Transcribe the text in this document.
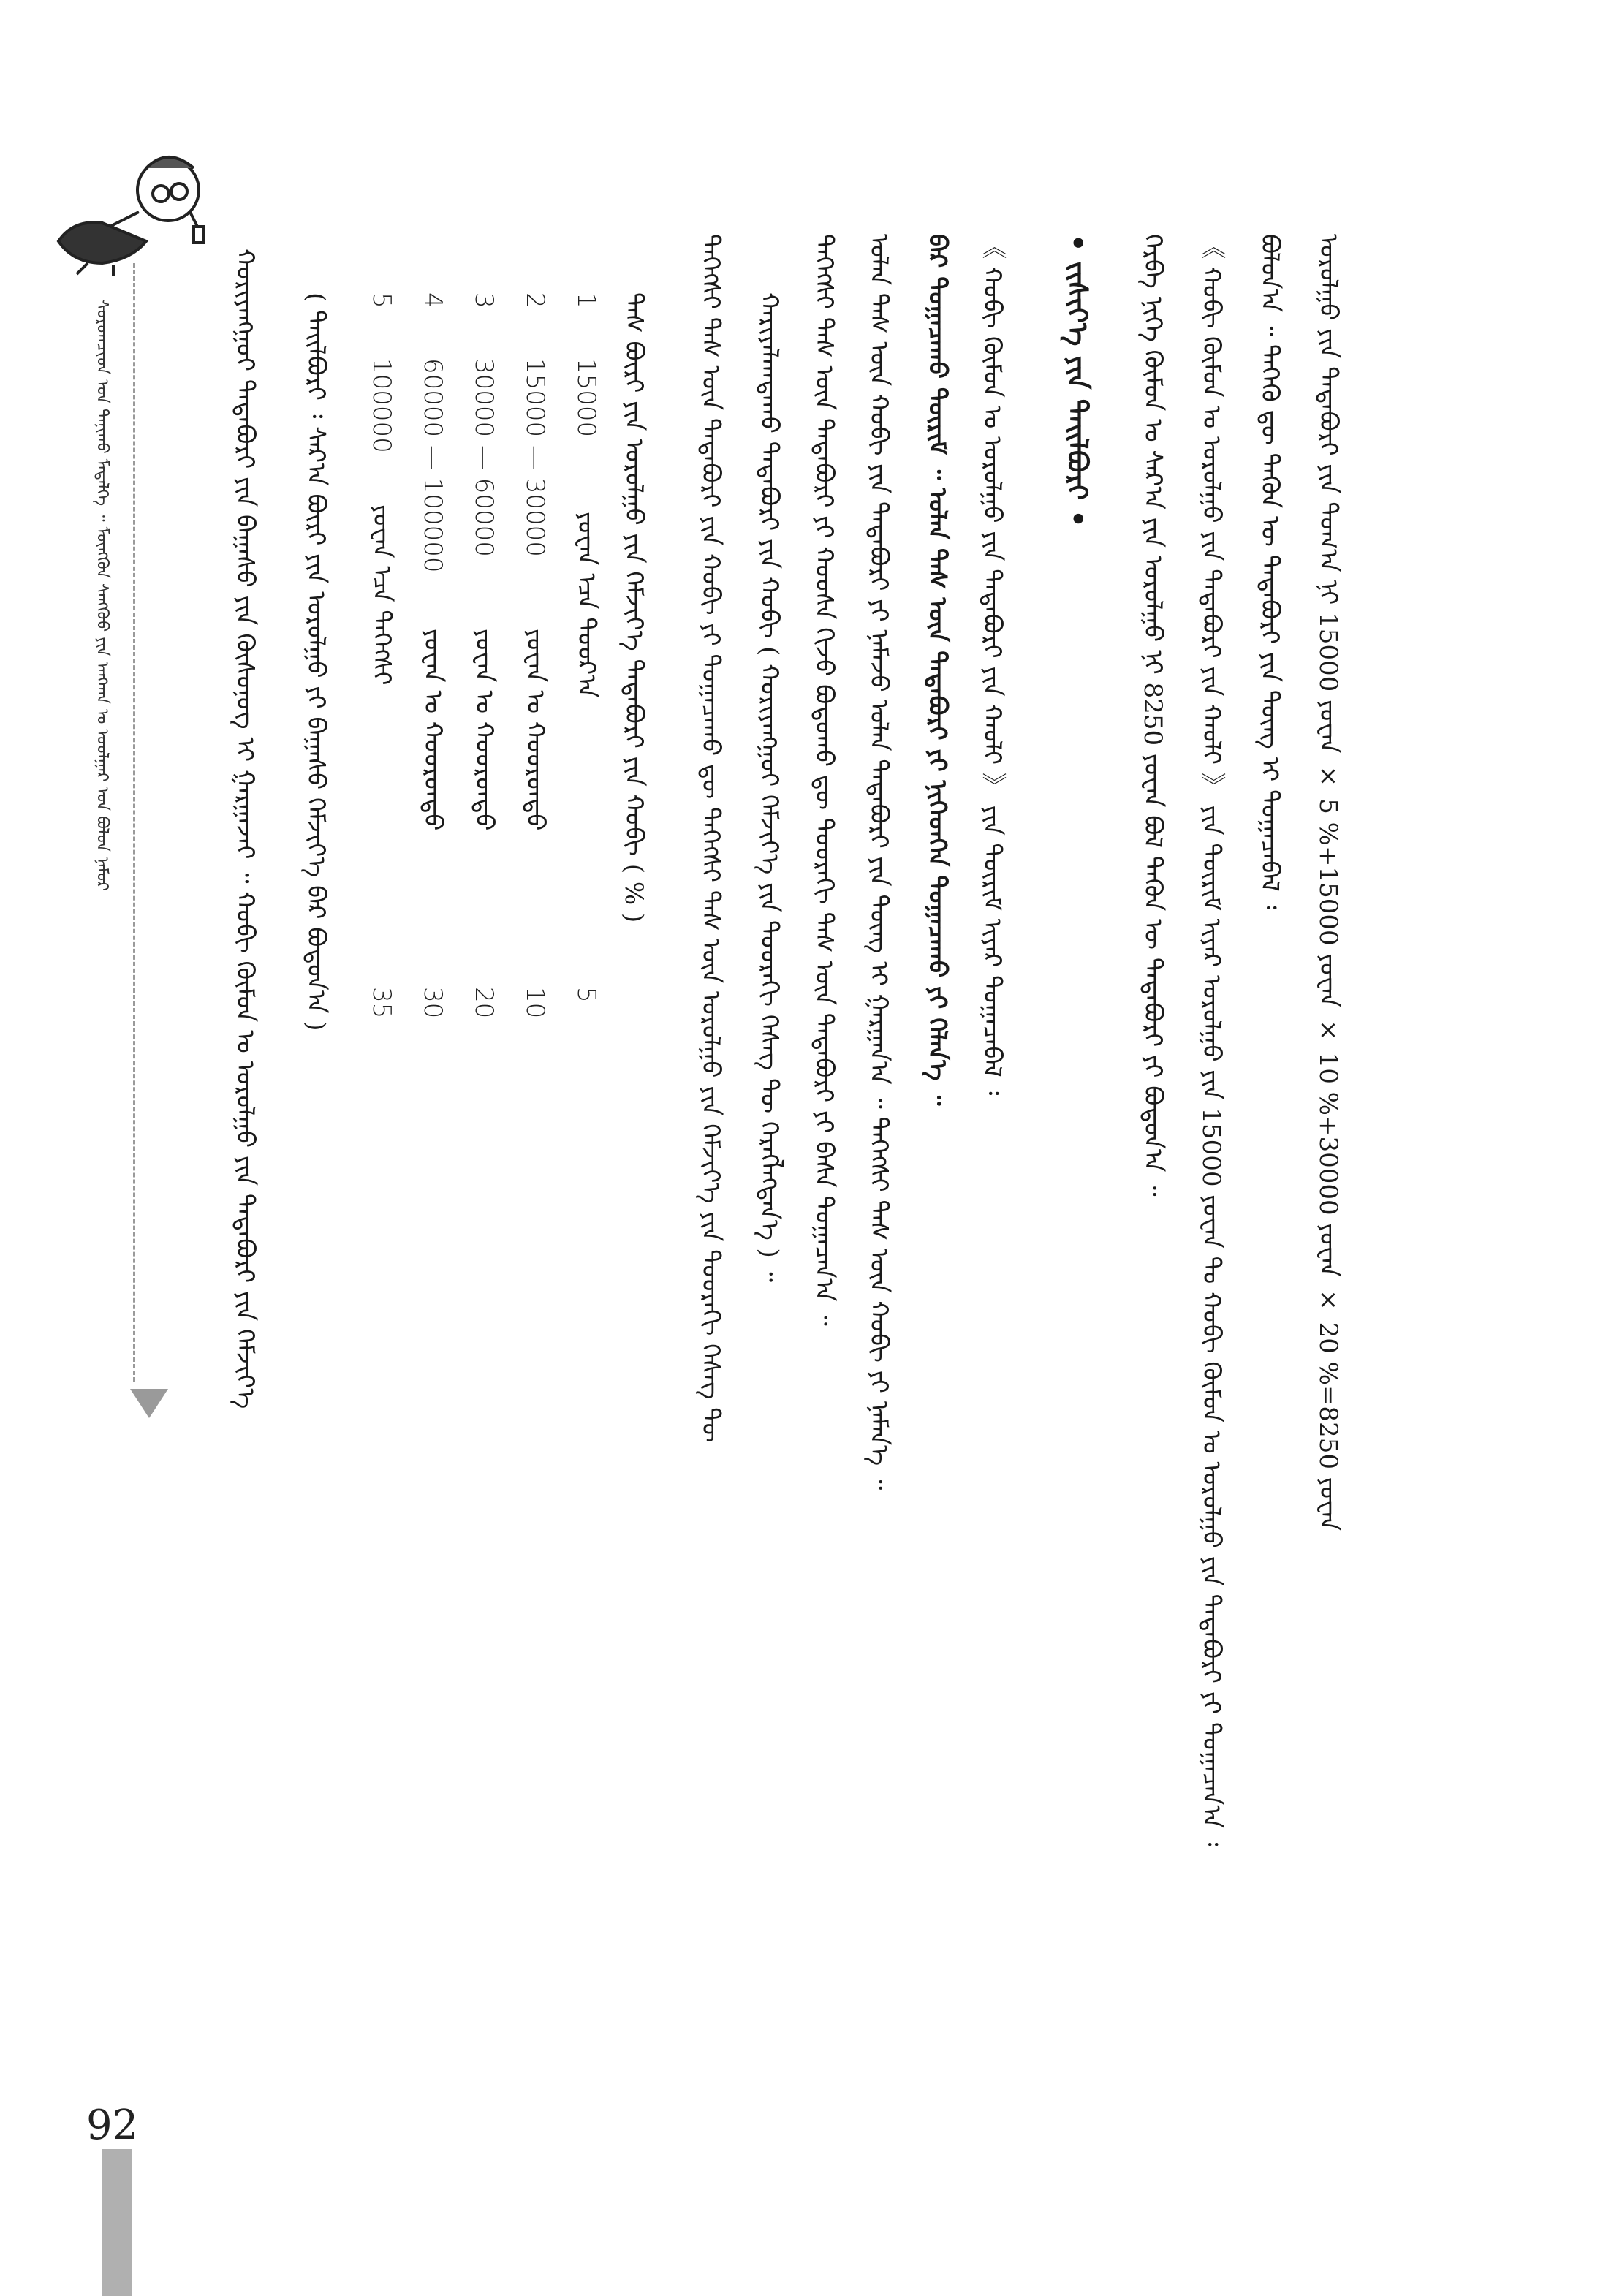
ᠰᠤᠷᠤᠭᠴᠢᠳ ᠤᠨ ᠲᠠᠨᠢᠬᠤ ᠮᠡᠳᠡᠯᠭᠡ ᠃ ᠮᠦᠩᠭᠦᠨ ᠰᠠᠩᠬᠦᠦ ᠶᠢᠨ ᠠᠩᠬᠠᠨ ᠤ ᠤᠤᠯᠭᠠᠷ ᠤᠨ ᠪᠤᠯᠤᠨ ᠨᠠᠮᠤᠷ	ᠬᠤᠷᠢᠶᠠᠩᠭᠤᠢ ᠲᠠᠲᠠᠪᠤᠷᠢ ᠶᠢᠨ ᠪᠠᠭᠠᠰᠤ ᠶᠢᠨ ᠬᠦᠰᠦᠨᠦᠭ ᠢ ᠭᠠᠷᠭᠠᠵᠠᠢ ᠃ ᠬᠤᠪᠢ ᠬᠦᠮᠦᠨ ᠤ ᠣᠷᠣᠯᠭᠤ ᠶᠢᠨ ᠲᠠᠲᠠᠪᠤᠷᠢ ᠶᠢᠨ ᠬᠡᠮᠵᠢᠶ᠎ᠡ ( ᠲᠠᠢᠯᠪᠤᠷᠢ ᠄ ᠰᠠᠷ᠎ᠠ ᠪᠦᠷᠢ ᠶᠢᠨ ᠣᠷᠣᠯᠭᠤ ᠶᠢ ᠪᠠᠭᠠᠰᠤ ᠬᠡᠮᠵᠢᠶ᠎ᠡ ᠪᠡᠷ ᠪᠣᠳᠣᠨ᠎ᠠ ) 5
100000
ᠶᠤᠸᠠᠨ ᠡᠴᠡ ᠳᠡᠭᠡᠭᠰᠢ
35
4
60000 — 100000
ᠶᠤᠸᠠᠨ ᠤ ᠬᠣᠣᠷᠣᠨᠳᠣ
30
3
30000 — 60000
ᠶᠤᠸᠠᠨ ᠤ ᠬᠣᠣᠷᠣᠨᠳᠣ
20
2
15000 — 30000
ᠶᠤᠸᠠᠨ ᠤ ᠬᠣᠣᠷᠣᠨᠳᠣ
10
1
15000
ᠶᠤᠸᠠᠨ ᠡᠴᠡ ᠳᠣᠣᠷ᠎ᠠ
5
ᠳᠡᠰ ᠪᠦᠷᠢ ᠶᠢᠨ ᠣᠷᠣᠯᠭᠤ ᠶᠢᠨ ᠬᠡᠮᠵᠢᠶ᠎ᠡ ᠲᠠᠲᠠᠪᠤᠷᠢ ᠶᠢᠨ ᠬᠤᠪᠢ ( % ) ᠲᠡᠭᠡᠭᠰᠢ ᠳᠡᠰ ᠦᠨ ᠲᠠᠲᠠᠪᠤᠷᠢ ᠶᠢᠨ ᠬᠤᠪᠢ ᠶᠢ ᠲᠣᠭᠠᠴᠠᠬᠤ ᠳᠦ ᠲᠡᠭᠡᠭᠰᠢ ᠳᠡᠰ ᠦᠨ ᠣᠷᠣᠯᠭᠤ ᠶᠢᠨ ᠬᠡᠮᠵᠢᠶ᠎ᠡ ᠶᠢᠨ ᠳᠣᠣᠷᠠᠬᠢ ᠬᠡᠰᠡᠭ ᠲᠦ ᠬᠠᠷᠢᠶᠠᠯᠠᠭᠳᠠᠬᠤ ᠲᠠᠲᠠᠪᠤᠷᠢ ᠶᠢᠨ ᠬᠤᠪᠢ ( ᠬᠤᠷᠢᠶᠠᠩᠭᠤᠢ ᠬᠡᠮᠵᠢᠶ᠎ᠡ ᠶᠢᠨ ᠳᠣᠣᠷᠠᠬᠢ ᠬᠡᠰᠡᠭ ᠲᠦ ᠬᠡᠷᠡᠭᠯᠡᠭᠳᠡᠨ᠎ᠡ ) ᠃ ᠲᠡᠭᠡᠭᠰᠢ ᠳᠡᠰ ᠦᠨ ᠲᠠᠲᠠᠪᠤᠷᠢ ᠶᠢ ᠬᠣᠣᠰᠠ ᠬᠢᠵᠦ ᠪᠣᠳᠣᠬᠤ ᠳᠦ ᠳᠣᠣᠷᠠᠬᠢ ᠳᠡᠰ ᠦᠨ ᠲᠠᠲᠠᠪᠤᠷᠢ ᠶᠢ ᠪᠠᠰᠠ ᠲᠣᠭᠠᠴᠠᠨ᠎ᠠ ᠃ ᠣᠯᠠᠨ ᠳᠡᠰ ᠦᠨ ᠬᠤᠪᠢ ᠶᠢᠨ ᠲᠠᠲᠠᠪᠤᠷᠢ ᠶᠢ ᠨᠡᠮᠡᠵᠦ ᠣᠯᠠᠨ ᠲᠠᠲᠠᠪᠤᠷᠢ ᠶᠢᠨ ᠳᠦᠩ ᠢ ᠭᠠᠷᠭᠠᠨ᠎ᠠ ᠃ ᠲᠡᠭᠡᠭᠰᠢ ᠳᠡᠰ ᠦᠨ ᠬᠤᠪᠢ ᠶᠢ ᠨᠡᠮᠡᠨ᠎ᠡ ᠃ ᠪᠡᠷ ᠲᠣᠭᠠᠴᠠᠬᠤ ᠳᠦᠷᠢᠮ ᠃ ᠣᠯᠠᠨ ᠳᠡᠰ ᠦᠨ ᠲᠠᠲᠠᠪᠤᠷᠢ ᠶᠢ ᠨᠢᠭᠡᠳᠬᠡᠨ ᠲᠣᠭᠠᠴᠠᠬᠤ ᠶᠢ ᠬᠡᠯᠡᠨ᠎ᠡ ᠃ 《 ᠬᠤᠪᠢ ᠬᠦᠮᠦᠨ ᠤ ᠣᠷᠣᠯᠭᠤ ᠶᠢᠨ ᠲᠠᠲᠠᠪᠤᠷᠢ ᠶᠢᠨ ᠬᠠᠤᠯᠢ 》 ᠶᠢᠨ ᠳᠦᠷᠢᠮ ᠢᠶᠠᠷ ᠲᠣᠭᠠᠴᠠᠪᠠᠯ ᠄ • ᠵᠢᠱᠢᠶ᠎ᠡ ᠶᠢᠨ ᠲᠠᠢᠯᠪᠤᠷᠢ • ᠬᠡᠷᠪᠡ ᠨᠢᠭᠡ ᠬᠦᠮᠦᠨ ᠤ ᠰᠠᠷ᠎ᠠ ᠶᠢᠨ ᠣᠷᠣᠯᠭᠤ ᠨᠢ 8250 ᠶᠤᠸᠠᠨ ᠪᠣᠯ ᠲᠡᠭᠦᠨ ᠦ ᠲᠠᠲᠠᠪᠤᠷᠢ ᠶᠢ ᠪᠣᠳᠣᠨ᠎ᠠ ᠃ 《 ᠬᠤᠪᠢ ᠬᠦᠮᠦᠨ ᠤ ᠣᠷᠣᠯᠭᠤ ᠶᠢᠨ ᠲᠠᠲᠠᠪᠤᠷᠢ ᠶᠢᠨ ᠬᠠᠤᠯᠢ 》 ᠶᠢᠨ ᠳᠦᠷᠢᠮ ᠢᠶᠠᠷ ᠣᠷᠣᠯᠭᠤ ᠶᠢᠨ 15000 ᠶᠤᠸᠠᠨ ᠲᠤ ᠬᠤᠪᠢ ᠬᠦᠮᠦᠨ ᠤ ᠣᠷᠣᠯᠭᠤ ᠶᠢᠨ ᠲᠠᠲᠠᠪᠤᠷᠢ ᠶᠢ ᠲᠣᠭᠠᠴᠠᠨ᠎ᠠ ᠄ ᠪᠣᠯᠤᠨ᠎ᠠ ᠃ ᠲᠡᠭᠡᠬᠦ ᠳᠦ ᠲᠡᠭᠦᠨ ᠦ ᠲᠠᠲᠠᠪᠤᠷᠢ ᠶᠢᠨ ᠳᠦᠩ ᠢ ᠲᠣᠭᠠᠴᠠᠪᠠᠯ ᠄ ᠣᠷᠣᠯᠭᠤ ᠶᠢᠨ ᠲᠠᠲᠠᠪᠤᠷᠢ ᠶᠢᠨ ᠲᠣᠭ᠎ᠠ ᠨᠢ 15000 ᠶᠤᠸᠠᠨ × 5 %+15000 ᠶᠤᠸᠠᠨ × 10 %+30000 ᠶᠤᠸᠠᠨ × 20 %=8250 ᠶᠤᠸᠠᠨ
92
